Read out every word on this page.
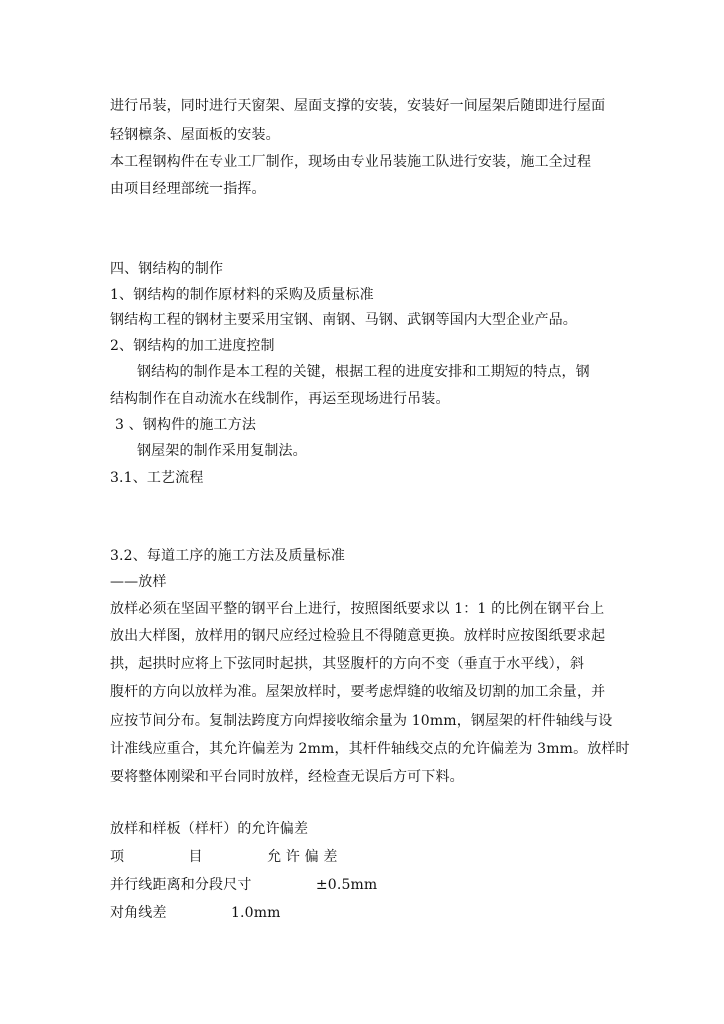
进行吊装，同时进行天窗架、屋面支撑的安装，安装好一间屋架后随即进行屋面
轻钢檩条、屋面板的安装。
本工程钢构件在专业工厂制作，现场由专业吊装施工队进行安装，施工全过程
由项目经理部统一指挥。
四、钢结构的制作
1、钢结构的制作原材料的采购及质量标准
钢结构工程的钢材主要采用宝钢、南钢、马钢、武钢等国内大型企业产品。
2、钢结构的加工进度控制
钢结构的制作是本工程的关键，根据工程的进度安排和工期短的特点，钢
结构制作在自动流水在线制作，再运至现场进行吊装。
3 、钢构件的施工方法
钢屋架的制作采用复制法。
3.1、工艺流程
3.2、每道工序的施工方法及质量标准
——放样
放样必须在坚固平整的钢平台上进行，按照图纸要求以 1：1 的比例在钢平台上
放出大样图，放样用的钢尺应经过检验且不得随意更换。放样时应按图纸要求起
拱，起拱时应将上下弦同时起拱，其竖腹杆的方向不变（垂直于水平线），斜
腹杆的方向以放样为准。屋架放样时，要考虑焊缝的收缩及切割的加工余量，并
应按节间分布。复制法跨度方向焊接收缩余量为 10mm，钢屋架的杆件轴线与设
计准线应重合，其允许偏差为 2mm，其杆件轴线交点的允许偏差为 3mm。放样时
要将整体刚梁和平台同时放样，经检查无误后方可下料。
放样和样板（样杆）的允许偏差
项              目              允 许 偏 差
并行线距离和分段尺寸              ±0.5mm
对角线差              1.0mm
